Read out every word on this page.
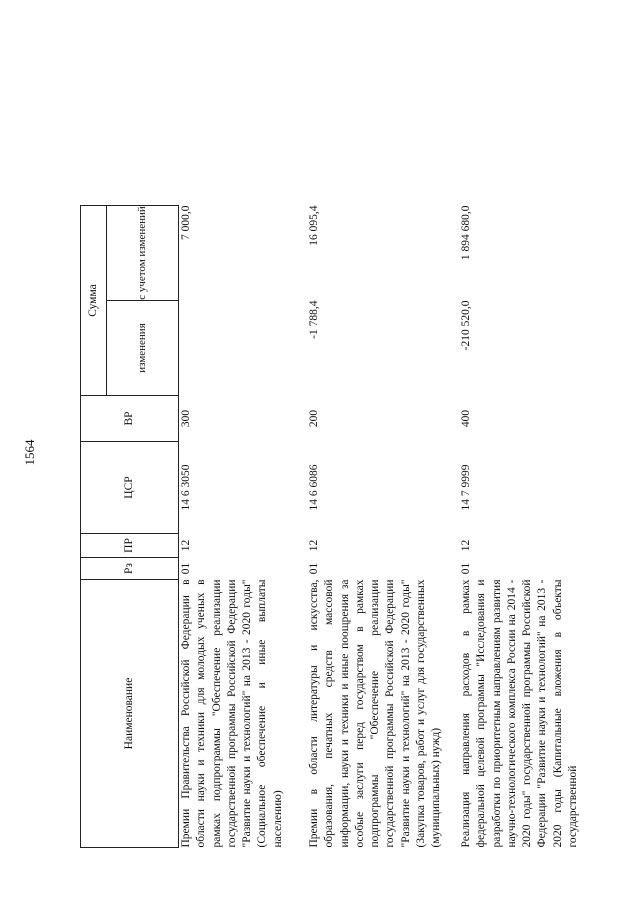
1564
Наименование	Рз	ПР	ЦСР	ВР	Сумма	
					изменения	с учетом изменений
Премии Правительства Российской Федерации в области науки и техники для молодых ученых в рамках подпрограммы "Обеспечение реализации государственной программы Российской Федерации "Развитие науки и технологий" на 2013 - 2020 годы" (Социальное обеспечение и иные выплаты населению)	01	12	14 6 3050	300		7 000,0
Премии в области литературы и искусства, образования, печатных средств массовой информации, науки и техники и иные поощрения за особые заслуги перед государством в рамках подпрограммы "Обеспечение реализации государственной программы Российской Федерации "Развитие науки и технологий" на 2013 - 2020 годы" (Закупка товаров, работ и услуг для государственных (муниципальных) нужд)	01	12	14 6 6086	200	-1 788,4	16 095,4
Реализация направления расходов в рамках федеральной целевой программы "Исследования и разработки по приоритетным направлениям развития научно-технологического комплекса России на 2014 - 2020 годы" государственной программы Российской Федерации "Развитие науки и технологий" на 2013 - 2020 годы (Капитальные вложения в объекты государственной	01	12	14 7 9999	400	-210 520,0	1 894 680,0
